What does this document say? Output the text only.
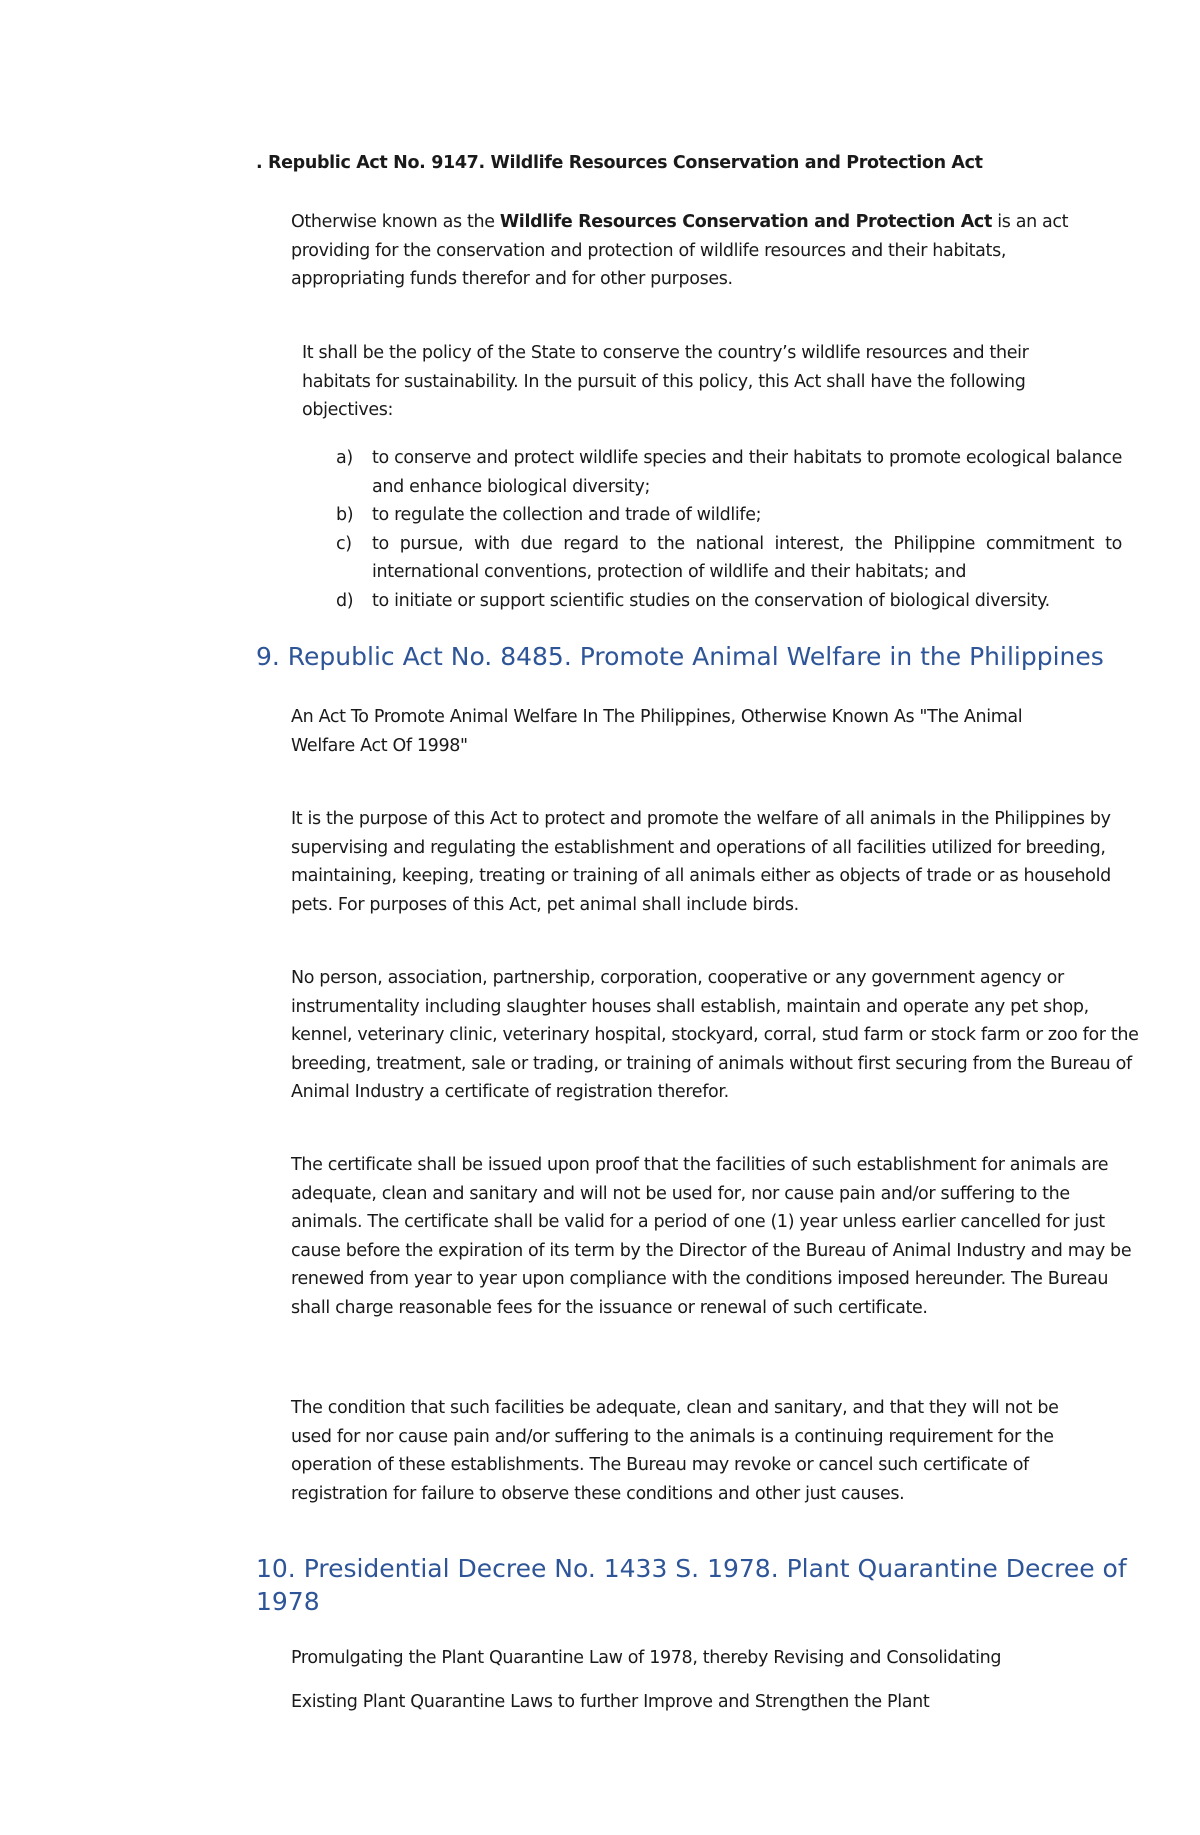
. Republic Act No. 9147. Wildlife Resources Conservation and Protection Act

Otherwise known as the Wildlife Resources Conservation and Protection Act is an act providing for the conservation and protection of wildlife resources and their habitats, appropriating funds therefor and for other purposes.

It shall be the policy of the State to conserve the country’s wildlife resources and their habitats for sustainability. In the pursuit of this policy, this Act shall have the following objectives:

a) to conserve and protect wildlife species and their habitats to promote ecological balance and enhance biological diversity;
b) to regulate the collection and trade of wildlife;
c) to pursue, with due regard to the national interest, the Philippine commitment to international conventions, protection of wildlife and their habitats; and
d) to initiate or support scientific studies on the conservation of biological diversity.
9. Republic Act No. 8485. Promote Animal Welfare in the Philippines

An Act To Promote Animal Welfare In The Philippines, Otherwise Known As "The Animal Welfare Act Of 1998"

It is the purpose of this Act to protect and promote the welfare of all animals in the Philippines by supervising and regulating the establishment and operations of all facilities utilized for breeding, maintaining, keeping, treating or training of all animals either as objects of trade or as household pets. For purposes of this Act, pet animal shall include birds.

No person, association, partnership, corporation, cooperative or any government agency or instrumentality including slaughter houses shall establish, maintain and operate any pet shop, kennel, veterinary clinic, veterinary hospital, stockyard, corral, stud farm or stock farm or zoo for the breeding, treatment, sale or trading, or training of animals without first securing from the Bureau of Animal Industry a certificate of registration therefor.

The certificate shall be issued upon proof that the facilities of such establishment for animals are adequate, clean and sanitary and will not be used for, nor cause pain and/or suffering to the animals. The certificate shall be valid for a period of one (1) year unless earlier cancelled for just cause before the expiration of its term by the Director of the Bureau of Animal Industry and may be renewed from year to year upon compliance with the conditions imposed hereunder. The Bureau shall charge reasonable fees for the issuance or renewal of such certificate.

The condition that such facilities be adequate, clean and sanitary, and that they will not be used for nor cause pain and/or suffering to the animals is a continuing requirement for the operation of these establishments. The Bureau may revoke or cancel such certificate of registration for failure to observe these conditions and other just causes.

10. Presidential Decree No. 1433 S. 1978. Plant Quarantine Decree of 1978

Promulgating the Plant Quarantine Law of 1978, thereby Revising and Consolidating

Existing Plant Quarantine Laws to further Improve and Strengthen the Plant
